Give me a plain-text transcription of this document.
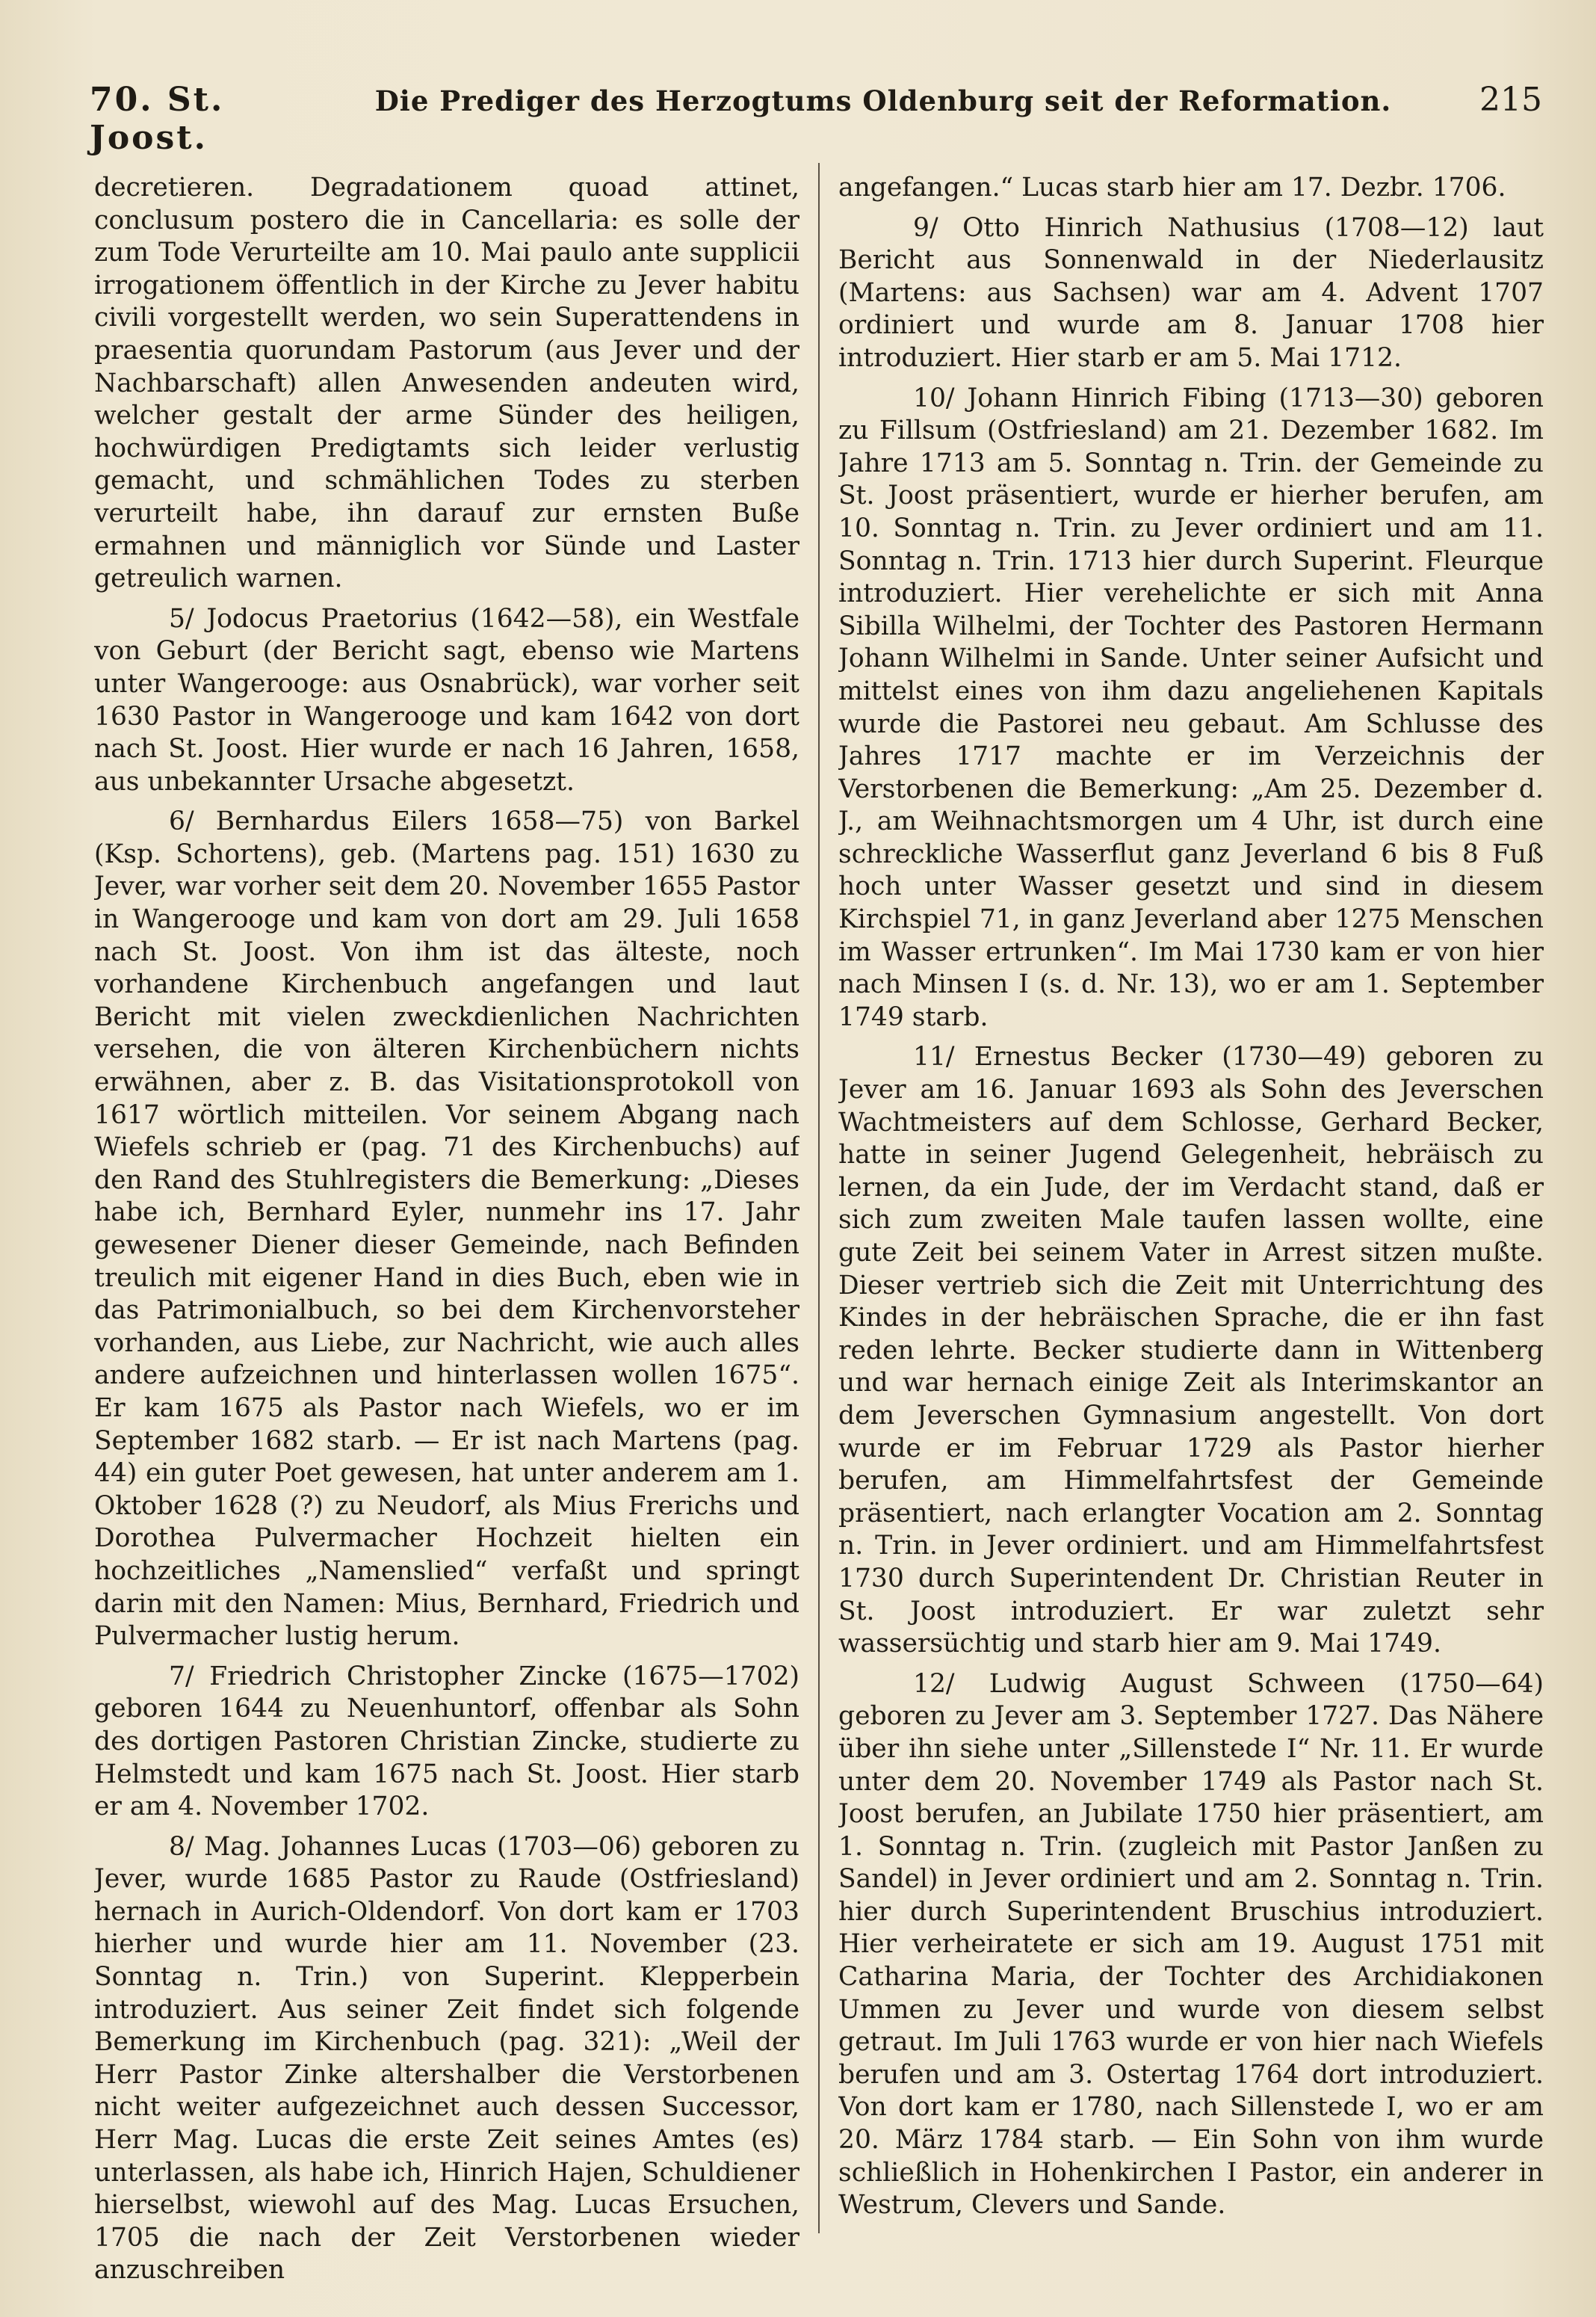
70. St. Joost.
Die Prediger des Herzogtums Oldenburg seit der Reformation.	215

decretieren. Degradationem quoad attinet, conclusum postero die in Cancellaria: es solle der zum Tode Verurteilte am 10. Mai paulo ante supplicii irrogationem öffentlich in der Kirche zu Jever habitu civili vorgestellt werden, wo sein Superattendens in praesentia quorundam Pastorum (aus Jever und der Nachbarschaft) allen Anwesenden andeuten wird, welcher gestalt der arme Sünder des heiligen, hochwürdigen Predigtamts sich leider verlustig gemacht, und schmählichen Todes zu sterben verurteilt habe, ihn darauf zur ernsten Buße ermahnen und männiglich vor Sünde und Laster getreulich warnen.

5/ Jodocus Praetorius (1642—58), ein Westfale von Geburt (der Bericht sagt, ebenso wie Martens unter Wangerooge: aus Osnabrück), war vorher seit 1630 Pastor in Wangerooge und kam 1642 von dort nach St. Joost. Hier wurde er nach 16 Jahren, 1658, aus unbekannter Ursache abgesetzt.

6/ Bernhardus Eilers 1658—75) von Barkel (Ksp. Schortens), geb. (Martens pag. 151) 1630 zu Jever, war vorher seit dem 20. November 1655 Pastor in Wangerooge und kam von dort am 29. Juli 1658 nach St. Joost. Von ihm ist das älteste, noch vorhandene Kirchenbuch angefangen und laut Bericht mit vielen zweckdienlichen Nachrichten versehen, die von älteren Kirchenbüchern nichts erwähnen, aber z. B. das Visitationsprotokoll von 1617 wörtlich mitteilen. Vor seinem Abgang nach Wiefels schrieb er (pag. 71 des Kirchenbuchs) auf den Rand des Stuhlregisters die Bemerkung: „Dieses habe ich, Bernhard Eyler, nunmehr ins 17. Jahr gewesener Diener dieser Gemeinde, nach Befinden treulich mit eigener Hand in dies Buch, eben wie in das Patrimonialbuch, so bei dem Kirchenvorsteher vorhanden, aus Liebe, zur Nachricht, wie auch alles andere aufzeichnen und hinterlassen wollen 1675“. Er kam 1675 als Pastor nach Wiefels, wo er im September 1682 starb. — Er ist nach Martens (pag. 44) ein guter Poet gewesen, hat unter anderem am 1. Oktober 1628 (?) zu Neudorf, als Mius Frerichs und Dorothea Pulvermacher Hochzeit hielten ein hochzeitliches „Namenslied“ verfaßt und springt darin mit den Namen: Mius, Bernhard, Friedrich und Pulvermacher lustig herum.

7/ Friedrich Christopher Zincke (1675—1702) geboren 1644 zu Neuenhuntorf, offenbar als Sohn des dortigen Pastoren Christian Zincke, studierte zu Helmstedt und kam 1675 nach St. Joost. Hier starb er am 4. November 1702.

8/ Mag. Johannes Lucas (1703—06) geboren zu Jever, wurde 1685 Pastor zu Raude (Ostfriesland) hernach in Aurich-Oldendorf. Von dort kam er 1703 hierher und wurde hier am 11. November (23. Sonntag n. Trin.) von Superint. Klepperbein introduziert. Aus seiner Zeit findet sich folgende Bemerkung im Kirchenbuch (pag. 321): „Weil der Herr Pastor Zinke altershalber die Verstorbenen nicht weiter aufgezeichnet auch dessen Successor, Herr Mag. Lucas die erste Zeit seines Amtes (es) unterlassen, als habe ich, Hinrich Hajen, Schuldiener hierselbst, wiewohl auf des Mag. Lucas Ersuchen, 1705 die nach der Zeit Verstorbenen wieder anzuschreiben

angefangen.“ Lucas starb hier am 17. Dezbr. 1706.

9/ Otto Hinrich Nathusius (1708—12) laut Bericht aus Sonnenwald in der Niederlausitz (Martens: aus Sachsen) war am 4. Advent 1707 ordiniert und wurde am 8. Januar 1708 hier introduziert. Hier starb er am 5. Mai 1712.

10/ Johann Hinrich Fibing (1713—30) geboren zu Fillsum (Ostfriesland) am 21. Dezember 1682. Im Jahre 1713 am 5. Sonntag n. Trin. der Gemeinde zu St. Joost präsentiert, wurde er hierher berufen, am 10. Sonntag n. Trin. zu Jever ordiniert und am 11. Sonntag n. Trin. 1713 hier durch Superint. Fleurque introduziert. Hier verehelichte er sich mit Anna Sibilla Wilhelmi, der Tochter des Pastoren Hermann Johann Wilhelmi in Sande. Unter seiner Aufsicht und mittelst eines von ihm dazu angeliehenen Kapitals wurde die Pastorei neu gebaut. Am Schlusse des Jahres 1717 machte er im Verzeichnis der Verstorbenen die Bemerkung: „Am 25. Dezember d. J., am Weihnachtsmorgen um 4 Uhr, ist durch eine schreckliche Wasserflut ganz Jeverland 6 bis 8 Fuß hoch unter Wasser gesetzt und sind in diesem Kirchspiel 71, in ganz Jeverland aber 1275 Menschen im Wasser ertrunken“. Im Mai 1730 kam er von hier nach Minsen I (s. d. Nr. 13), wo er am 1. September 1749 starb.

11/ Ernestus Becker (1730—49) geboren zu Jever am 16. Januar 1693 als Sohn des Jeverschen Wachtmeisters auf dem Schlosse, Gerhard Becker, hatte in seiner Jugend Gelegenheit, hebräisch zu lernen, da ein Jude, der im Verdacht stand, daß er sich zum zweiten Male taufen lassen wollte, eine gute Zeit bei seinem Vater in Arrest sitzen mußte. Dieser vertrieb sich die Zeit mit Unterrichtung des Kindes in der hebräischen Sprache, die er ihn fast reden lehrte. Becker studierte dann in Wittenberg und war hernach einige Zeit als Interimskantor an dem Jeverschen Gymnasium angestellt. Von dort wurde er im Februar 1729 als Pastor hierher berufen, am Himmelfahrtsfest der Gemeinde präsentiert, nach erlangter Vocation am 2. Sonntag n. Trin. in Jever ordiniert. und am Himmelfahrtsfest 1730 durch Superintendent Dr. Christian Reuter in St. Joost introduziert. Er war zuletzt sehr wassersüchtig und starb hier am 9. Mai 1749.

12/ Ludwig August Schween (1750—64) geboren zu Jever am 3. September 1727. Das Nähere über ihn siehe unter „Sillenstede I“ Nr. 11. Er wurde unter dem 20. November 1749 als Pastor nach St. Joost berufen, an Jubilate 1750 hier präsentiert, am 1. Sonntag n. Trin. (zugleich mit Pastor Janßen zu Sandel) in Jever ordiniert und am 2. Sonntag n. Trin. hier durch Superintendent Bruschius introduziert. Hier verheiratete er sich am 19. August 1751 mit Catharina Maria, der Tochter des Archidiakonen Ummen zu Jever und wurde von diesem selbst getraut. Im Juli 1763 wurde er von hier nach Wiefels berufen und am 3. Ostertag 1764 dort introduziert. Von dort kam er 1780, nach Sillenstede I, wo er am 20. März 1784 starb. — Ein Sohn von ihm wurde schließlich in Hohenkirchen I Pastor, ein anderer in Westrum, Clevers und Sande.
